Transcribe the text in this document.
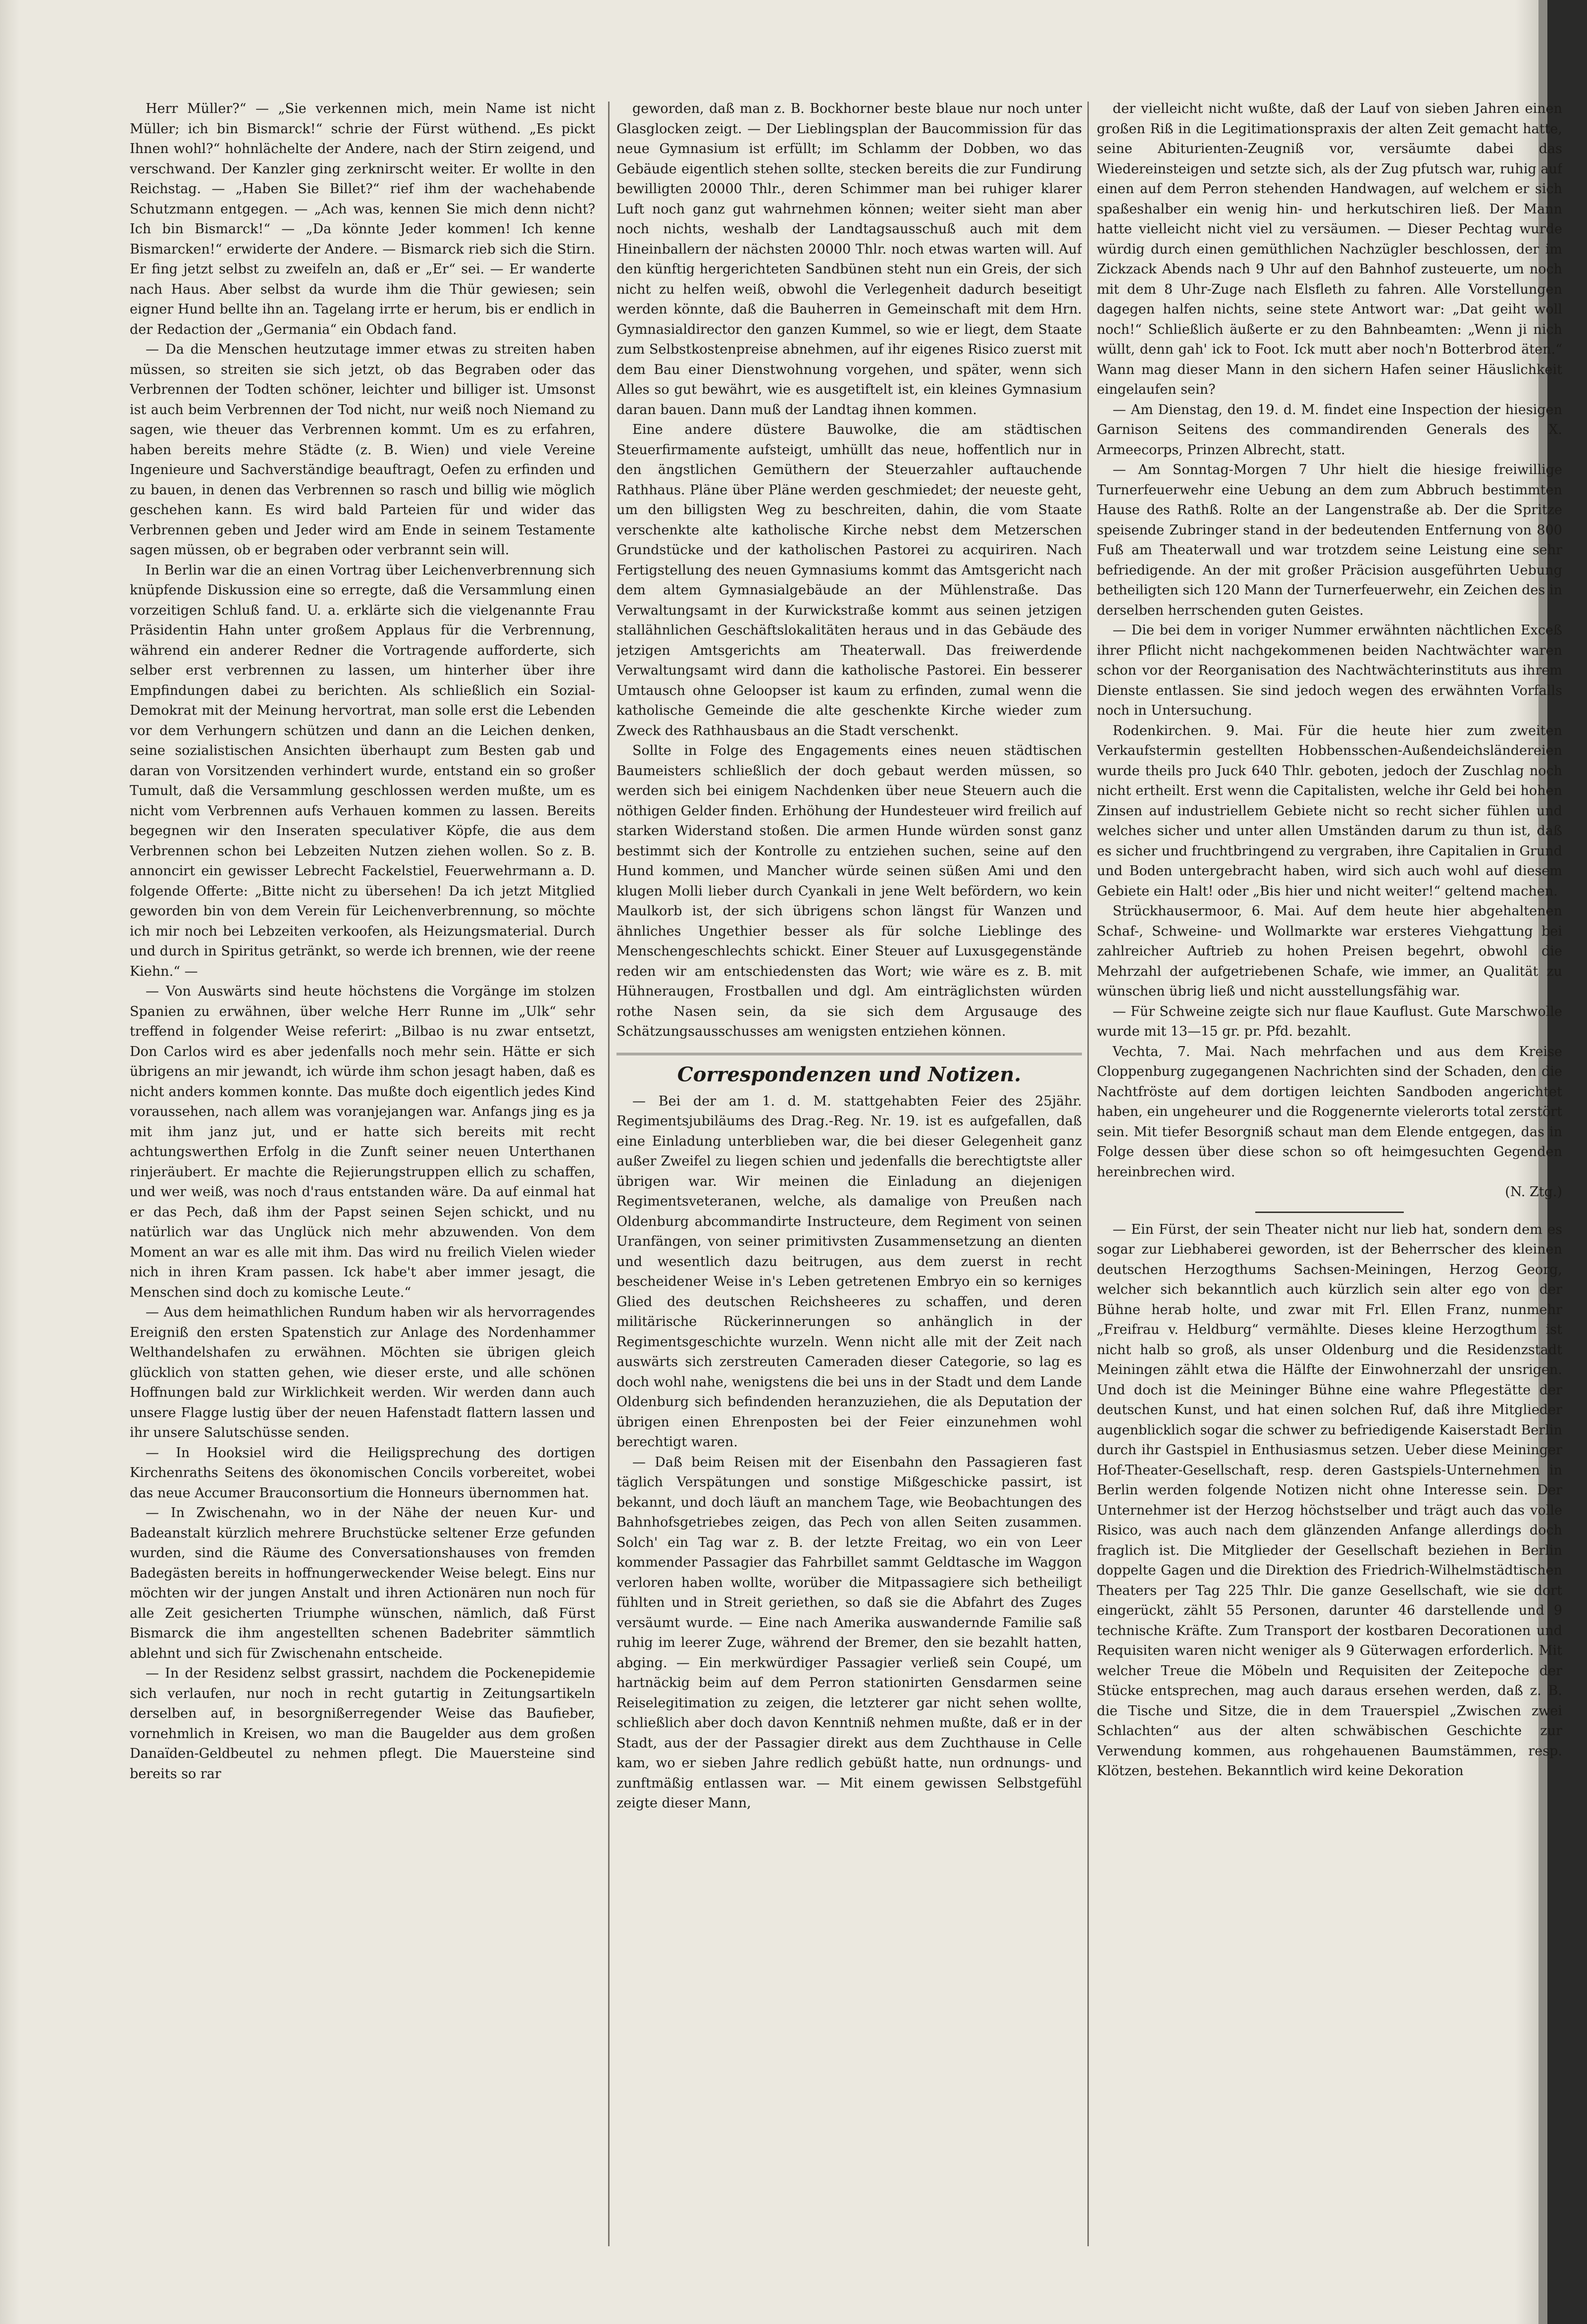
Herr Müller?“ — „Sie verkennen mich, mein Name ist nicht Müller; ich bin Bismarck!“ schrie der Fürst wüthend. „Es pickt Ihnen wohl?“ hohnlächelte der Andere, nach der Stirn zeigend, und verschwand. Der Kanzler ging zerknirscht weiter. Er wollte in den Reichstag. — „Haben Sie Billet?“ rief ihm der wachehabende Schutzmann entgegen. — „Ach was, kennen Sie mich denn nicht? Ich bin Bismarck!“ — „Da könnte Jeder kommen! Ich kenne Bismarcken!“ erwiderte der Andere. — Bismarck rieb sich die Stirn. Er fing jetzt selbst zu zweifeln an, daß er „Er“ sei. — Er wanderte nach Haus. Aber selbst da wurde ihm die Thür gewiesen; sein eigner Hund bellte ihn an. Tagelang irrte er herum, bis er endlich in der Redaction der „Germania“ ein Obdach fand.

— Da die Menschen heutzutage immer etwas zu streiten haben müssen, so streiten sie sich jetzt, ob das Begraben oder das Verbrennen der Todten schöner, leichter und billiger ist. Umsonst ist auch beim Verbrennen der Tod nicht, nur weiß noch Niemand zu sagen, wie theuer das Verbrennen kommt. Um es zu erfahren, haben bereits mehre Städte (z. B. Wien) und viele Vereine Ingenieure und Sachverständige beauftragt, Oefen zu erfinden und zu bauen, in denen das Verbrennen so rasch und billig wie möglich geschehen kann. Es wird bald Parteien für und wider das Verbrennen geben und Jeder wird am Ende in seinem Testamente sagen müssen, ob er begraben oder verbrannt sein will.

In Berlin war die an einen Vortrag über Leichenverbrennung sich knüpfende Diskussion eine so erregte, daß die Versammlung einen vorzeitigen Schluß fand. U. a. erklärte sich die vielgenannte Frau Präsidentin Hahn unter großem Applaus für die Verbrennung, während ein anderer Redner die Vortragende aufforderte, sich selber erst verbrennen zu lassen, um hinterher über ihre Empfindungen dabei zu berichten. Als schließlich ein Sozial-Demokrat mit der Meinung hervortrat, man solle erst die Lebenden vor dem Verhungern schützen und dann an die Leichen denken, seine sozialistischen Ansichten überhaupt zum Besten gab und daran von Vorsitzenden verhindert wurde, entstand ein so großer Tumult, daß die Versammlung geschlossen werden mußte, um es nicht vom Verbrennen aufs Verhauen kommen zu lassen. Bereits begegnen wir den Inseraten speculativer Köpfe, die aus dem Verbrennen schon bei Lebzeiten Nutzen ziehen wollen. So z. B. annoncirt ein gewisser Lebrecht Fackelstiel, Feuerwehrmann a. D. folgende Offerte: „Bitte nicht zu übersehen! Da ich jetzt Mitglied geworden bin von dem Verein für Leichenverbrennung, so möchte ich mir noch bei Lebzeiten verkoofen, als Heizungsmaterial. Durch und durch in Spiritus getränkt, so werde ich brennen, wie der reene Kiehn.“ —

— Von Auswärts sind heute höchstens die Vorgänge im stolzen Spanien zu erwähnen, über welche Herr Runne im „Ulk“ sehr treffend in folgender Weise referirt: „Bilbao is nu zwar entsetzt, Don Carlos wird es aber jedenfalls noch mehr sein. Hätte er sich übrigens an mir jewandt, ich würde ihm schon jesagt haben, daß es nicht anders kommen konnte. Das mußte doch eigentlich jedes Kind voraussehen, nach allem was voranjejangen war. Anfangs jing es ja mit ihm janz jut, und er hatte sich bereits mit recht achtungswerthen Erfolg in die Zunft seiner neuen Unterthanen rinjeräubert. Er machte die Rejierungstruppen ellich zu schaffen, und wer weiß, was noch d'raus entstanden wäre. Da auf einmal hat er das Pech, daß ihm der Papst seinen Sejen schickt, und nu natürlich war das Unglück nich mehr abzuwenden. Von dem Moment an war es alle mit ihm. Das wird nu freilich Vielen wieder nich in ihren Kram passen. Ick habe't aber immer jesagt, die Menschen sind doch zu komische Leute.“

— Aus dem heimathlichen Rundum haben wir als hervorragendes Ereigniß den ersten Spatenstich zur Anlage des Nordenhammer Welthandelshafen zu erwähnen. Möchten sie übrigen gleich glücklich von statten gehen, wie dieser erste, und alle schönen Hoffnungen bald zur Wirklichkeit werden. Wir werden dann auch unsere Flagge lustig über der neuen Hafenstadt flattern lassen und ihr unsere Salutschüsse senden.

— In Hooksiel wird die Heiligsprechung des dortigen Kirchenraths Seitens des ökonomischen Concils vorbereitet, wobei das neue Accumer Brauconsortium die Honneurs übernommen hat.

— In Zwischenahn, wo in der Nähe der neuen Kur- und Badeanstalt kürzlich mehrere Bruchstücke seltener Erze gefunden wurden, sind die Räume des Conversationshauses von fremden Badegästen bereits in hoffnungerweckender Weise belegt. Eins nur möchten wir der jungen Anstalt und ihren Actionären nun noch für alle Zeit gesicherten Triumphe wünschen, nämlich, daß Fürst Bismarck die ihm angestellten schenen Badebriter sämmtlich ablehnt und sich für Zwischenahn entscheide.

— In der Residenz selbst grassirt, nachdem die Pockenepidemie sich verlaufen, nur noch in recht gutartig in Zeitungsartikeln derselben auf, in besorgnißerregender Weise das Baufieber, vornehmlich in Kreisen, wo man die Baugelder aus dem großen Danaïden-Geldbeutel zu nehmen pflegt. Die Mauersteine sind bereits so rar

geworden, daß man z. B. Bockhorner beste blaue nur noch unter Glasglocken zeigt. — Der Lieblingsplan der Baucommission für das neue Gymnasium ist erfüllt; im Schlamm der Dobben, wo das Gebäude eigentlich stehen sollte, stecken bereits die zur Fundirung bewilligten 20000 Thlr., deren Schimmer man bei ruhiger klarer Luft noch ganz gut wahrnehmen können; weiter sieht man aber noch nichts, weshalb der Landtagsausschuß auch mit dem Hineinballern der nächsten 20000 Thlr. noch etwas warten will. Auf den künftig hergerichteten Sandbünen steht nun ein Greis, der sich nicht zu helfen weiß, obwohl die Verlegenheit dadurch beseitigt werden könnte, daß die Bauherren in Gemeinschaft mit dem Hrn. Gymnasialdirector den ganzen Kummel, so wie er liegt, dem Staate zum Selbstkostenpreise abnehmen, auf ihr eigenes Risico zuerst mit dem Bau einer Dienstwohnung vorgehen, und später, wenn sich Alles so gut bewährt, wie es ausgetiftelt ist, ein kleines Gymnasium daran bauen. Dann muß der Landtag ihnen kommen.

Eine andere düstere Bauwolke, die am städtischen Steuerfirmamente aufsteigt, umhüllt das neue, hoffentlich nur in den ängstlichen Gemüthern der Steuerzahler auftauchende Rathhaus. Pläne über Pläne werden geschmiedet; der neueste geht, um den billigsten Weg zu beschreiten, dahin, die vom Staate verschenkte alte katholische Kirche nebst dem Metzerschen Grundstücke und der katholischen Pastorei zu acquiriren. Nach Fertigstellung des neuen Gymnasiums kommt das Amtsgericht nach dem altem Gymnasialgebäude an der Mühlenstraße. Das Verwaltungsamt in der Kurwickstraße kommt aus seinen jetzigen stallähnlichen Geschäftslokalitäten heraus und in das Gebäude des jetzigen Amtsgerichts am Theaterwall. Das freiwerdende Verwaltungsamt wird dann die katholische Pastorei. Ein besserer Umtausch ohne Geloopser ist kaum zu erfinden, zumal wenn die katholische Gemeinde die alte geschenkte Kirche wieder zum Zweck des Rathhausbaus an die Stadt verschenkt.

Sollte in Folge des Engagements eines neuen städtischen Baumeisters schließlich der doch gebaut werden müssen, so werden sich bei einigem Nachdenken über neue Steuern auch die nöthigen Gelder finden. Erhöhung der Hundesteuer wird freilich auf starken Widerstand stoßen. Die armen Hunde würden sonst ganz bestimmt sich der Kontrolle zu entziehen suchen, seine auf den Hund kommen, und Mancher würde seinen süßen Ami und den klugen Molli lieber durch Cyankali in jene Welt befördern, wo kein Maulkorb ist, der sich übrigens schon längst für Wanzen und ähnliches Ungethier besser als für solche Lieblinge des Menschengeschlechts schickt. Einer Steuer auf Luxusgegenstände reden wir am entschiedensten das Wort; wie wäre es z. B. mit Hühneraugen, Frostballen und dgl. Am einträglichsten würden rothe Nasen sein, da sie sich dem Argusauge des Schätzungsausschusses am wenigsten entziehen können.

Correspondenzen und Notizen.

— Bei der am 1. d. M. stattgehabten Feier des 25jähr. Regimentsjubiläums des Drag.-Reg. Nr. 19. ist es aufgefallen, daß eine Einladung unterblieben war, die bei dieser Gelegenheit ganz außer Zweifel zu liegen schien und jedenfalls die berechtigtste aller übrigen war. Wir meinen die Einladung an diejenigen Regimentsveteranen, welche, als damalige von Preußen nach Oldenburg abcommandirte Instructeure, dem Regiment von seinen Uranfängen, von seiner primitivsten Zusammensetzung an dienten und wesentlich dazu beitrugen, aus dem zuerst in recht bescheidener Weise in's Leben getretenen Embryo ein so kerniges Glied des deutschen Reichsheeres zu schaffen, und deren militärische Rückerinnerungen so anhänglich in der Regimentsgeschichte wurzeln. Wenn nicht alle mit der Zeit nach auswärts sich zerstreuten Cameraden dieser Categorie, so lag es doch wohl nahe, wenigstens die bei uns in der Stadt und dem Lande Oldenburg sich befindenden heranzuziehen, die als Deputation der übrigen einen Ehrenposten bei der Feier einzunehmen wohl berechtigt waren.

— Daß beim Reisen mit der Eisenbahn den Passagieren fast täglich Verspätungen und sonstige Mißgeschicke passirt, ist bekannt, und doch läuft an manchem Tage, wie Beobachtungen des Bahnhofsgetriebes zeigen, das Pech von allen Seiten zusammen. Solch' ein Tag war z. B. der letzte Freitag, wo ein von Leer kommender Passagier das Fahrbillet sammt Geldtasche im Waggon verloren haben wollte, worüber die Mitpassagiere sich betheiligt fühlten und in Streit geriethen, so daß sie die Abfahrt des Zuges versäumt wurde. — Eine nach Amerika auswandernde Familie saß ruhig im leerer Zuge, während der Bremer, den sie bezahlt hatten, abging. — Ein merkwürdiger Passagier verließ sein Coupé, um hartnäckig beim auf dem Perron stationirten Gensdarmen seine Reiselegitimation zu zeigen, die letzterer gar nicht sehen wollte, schließlich aber doch davon Kenntniß nehmen mußte, daß er in der Stadt, aus der der Passagier direkt aus dem Zuchthause in Celle kam, wo er sieben Jahre redlich gebüßt hatte, nun ordnungs- und zunftmäßig entlassen war. — Mit einem gewissen Selbstgefühl zeigte dieser Mann,

der vielleicht nicht wußte, daß der Lauf von sieben Jahren einen großen Riß in die Legitimationspraxis der alten Zeit gemacht hatte, seine Abiturienten-Zeugniß vor, versäumte dabei das Wiedereinsteigen und setzte sich, als der Zug pfutsch war, ruhig auf einen auf dem Perron stehenden Handwagen, auf welchem er sich spaßeshalber ein wenig hin- und herkutschiren ließ. Der Mann hatte vielleicht nicht viel zu versäumen. — Dieser Pechtag wurde würdig durch einen gemüthlichen Nachzügler beschlossen, der im Zickzack Abends nach 9 Uhr auf den Bahnhof zusteuerte, um noch mit dem 8 Uhr-Zuge nach Elsfleth zu fahren. Alle Vorstellungen dagegen halfen nichts, seine stete Antwort war: „Dat geiht woll noch!“ Schließlich äußerte er zu den Bahnbeamten: „Wenn ji nich wüllt, denn gah' ick to Foot. Ick mutt aber noch'n Botterbrod äten.“ Wann mag dieser Mann in den sichern Hafen seiner Häuslichkeit eingelaufen sein?

— Am Dienstag, den 19. d. M. findet eine Inspection der hiesigen Garnison Seitens des commandirenden Generals des X. Armeecorps, Prinzen Albrecht, statt.

— Am Sonntag-Morgen 7 Uhr hielt die hiesige freiwillige Turnerfeuerwehr eine Uebung an dem zum Abbruch bestimmten Hause des Rathß. Rolte an der Langenstraße ab. Der die Spritze speisende Zubringer stand in der bedeutenden Entfernung von 800 Fuß am Theaterwall und war trotzdem seine Leistung eine sehr befriedigende. An der mit großer Präcision ausgeführten Uebung betheiligten sich 120 Mann der Turnerfeuerwehr, ein Zeichen des in derselben herrschenden guten Geistes.

— Die bei dem in voriger Nummer erwähnten nächtlichen Exceß ihrer Pflicht nicht nachgekommenen beiden Nachtwächter waren schon vor der Reorganisation des Nachtwächterinstituts aus ihrem Dienste entlassen. Sie sind jedoch wegen des erwähnten Vorfalls noch in Untersuchung.

Rodenkirchen. 9. Mai. Für die heute hier zum zweiten Verkaufstermin gestellten Hobbensschen-Außendeichsländereien wurde theils pro Juck 640 Thlr. geboten, jedoch der Zuschlag noch nicht ertheilt. Erst wenn die Capitalisten, welche ihr Geld bei hohen Zinsen auf industriellem Gebiete nicht so recht sicher fühlen und welches sicher und unter allen Umständen darum zu thun ist, daß es sicher und fruchtbringend zu vergraben, ihre Capitalien in Grund und Boden untergebracht haben, wird sich auch wohl auf diesem Gebiete ein Halt! oder „Bis hier und nicht weiter!“ geltend machen.

Strückhausermoor, 6. Mai. Auf dem heute hier abgehaltenen Schaf-, Schweine- und Wollmarkte war ersteres Viehgattung bei zahlreicher Auftrieb zu hohen Preisen begehrt, obwohl die Mehrzahl der aufgetriebenen Schafe, wie immer, an Qualität zu wünschen übrig ließ und nicht ausstellungsfähig war.

— Für Schweine zeigte sich nur flaue Kauflust. Gute Marschwolle wurde mit 13—15 gr. pr. Pfd. bezahlt.

Vechta, 7. Mai. Nach mehrfachen und aus dem Kreise Cloppenburg zugegangenen Nachrichten sind der Schaden, den die Nachtfröste auf dem dortigen leichten Sandboden angerichtet haben, ein ungeheurer und die Roggenernte vielerorts total zerstört sein. Mit tiefer Besorgniß schaut man dem Elende entgegen, das in Folge dessen über diese schon so oft heimgesuchten Gegenden hereinbrechen wird.

(N. Ztg.)

— Ein Fürst, der sein Theater nicht nur lieb hat, sondern dem es sogar zur Liebhaberei geworden, ist der Beherrscher des kleinen deutschen Herzogthums Sachsen-Meiningen, Herzog Georg, welcher sich bekanntlich auch kürzlich sein alter ego von der Bühne herab holte, und zwar mit Frl. Ellen Franz, nunmehr „Freifrau v. Heldburg“ vermählte. Dieses kleine Herzogthum ist nicht halb so groß, als unser Oldenburg und die Residenzstadt Meiningen zählt etwa die Hälfte der Einwohnerzahl der unsrigen. Und doch ist die Meininger Bühne eine wahre Pflegestätte der deutschen Kunst, und hat einen solchen Ruf, daß ihre Mitglieder augenblicklich sogar die schwer zu befriedigende Kaiserstadt Berlin durch ihr Gastspiel in Enthusiasmus setzen. Ueber diese Meininger Hof-Theater-Gesellschaft, resp. deren Gastspiels-Unternehmen in Berlin werden folgende Notizen nicht ohne Interesse sein. Der Unternehmer ist der Herzog höchstselber und trägt auch das volle Risico, was auch nach dem glänzenden Anfange allerdings doch fraglich ist. Die Mitglieder der Gesellschaft beziehen in Berlin doppelte Gagen und die Direktion des Friedrich-Wilhelmstädtischen Theaters per Tag 225 Thlr. Die ganze Gesellschaft, wie sie dort eingerückt, zählt 55 Personen, darunter 46 darstellende und 9 technische Kräfte. Zum Transport der kostbaren Decorationen und Requisiten waren nicht weniger als 9 Güterwagen erforderlich. Mit welcher Treue die Möbeln und Requisiten der Zeitepoche der Stücke entsprechen, mag auch daraus ersehen werden, daß z. B. die Tische und Sitze, die in dem Trauerspiel „Zwischen zwei Schlachten“ aus der alten schwäbischen Geschichte zur Verwendung kommen, aus rohgehauenen Baumstämmen, resp. Klötzen, bestehen. Bekanntlich wird keine Dekoration
